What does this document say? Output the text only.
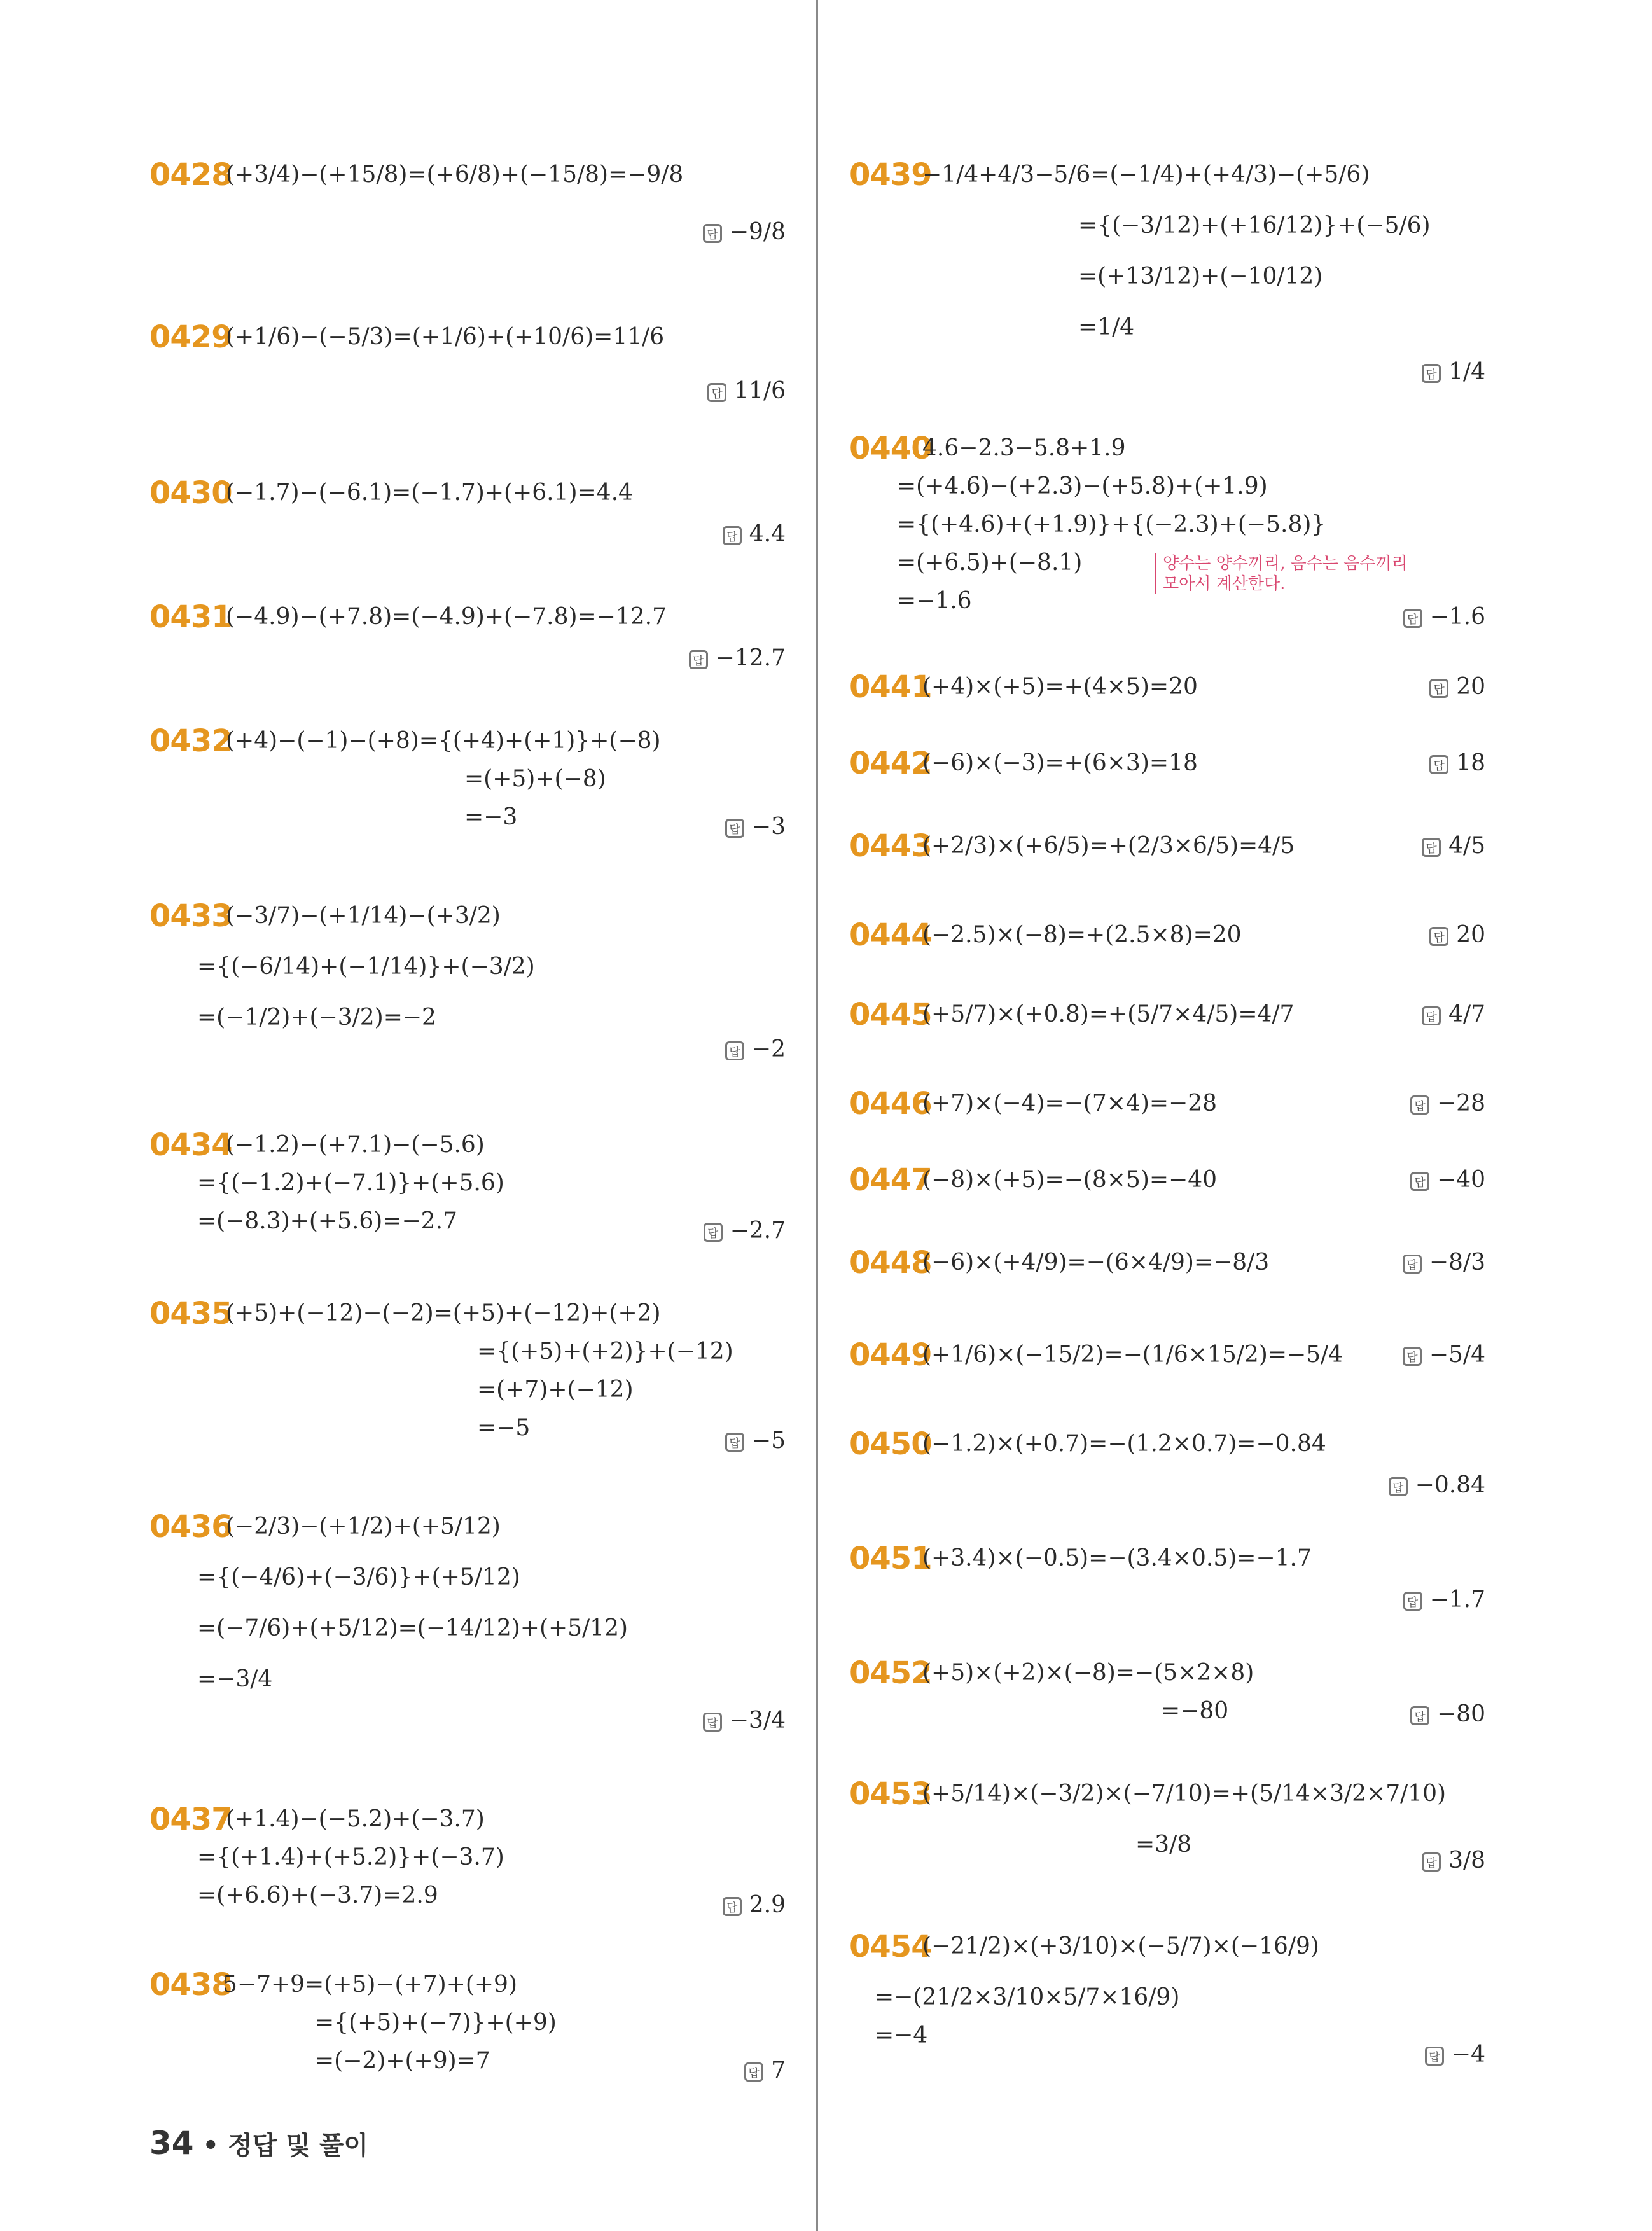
0428
(+3/4)−(+15/8)=(+6/8)+(−15/8)=−9/8
답 −9/8
0429
(+1/6)−(−5/3)=(+1/6)+(+10/6)=11/6
답 11/6
0430
(−1.7)−(−6.1)=(−1.7)+(+6.1)=4.4
답 4.4
0431
(−4.9)−(+7.8)=(−4.9)+(−7.8)=−12.7
답 −12.7
0432
(+4)−(−1)−(+8)={(+4)+(+1)}+(−8)
=(+5)+(−8)
=−3	답 −3
0433
(−3/7)−(+1/14)−(+3/2)
={(−6/14)+(−1/14)}+(−3/2)
=(−1/2)+(−3/2)=−2
답 −2
0434
(−1.2)−(+7.1)−(−5.6)
={(−1.2)+(−7.1)}+(+5.6)
=(−8.3)+(+5.6)=−2.7	답 −2.7
0435
(+5)+(−12)−(−2)=(+5)+(−12)+(+2)
={(+5)+(+2)}+(−12)
=(+7)+(−12)
=−5
답 −5
0436
(−2/3)−(+1/2)+(+5/12)
={(−4/6)+(−3/6)}+(+5/12)
=(−7/6)+(+5/12)=(−14/12)+(+5/12)
=−3/4
답 −3/4
0437
(+1.4)−(−5.2)+(−3.7)
={(+1.4)+(+5.2)}+(−3.7)
=(+6.6)+(−3.7)=2.9	답 2.9
0438
5−7+9=(+5)−(+7)+(+9)
={(+5)+(−7)}+(+9)
=(−2)+(+9)=7	답 7
0439
−1/4+4/3−5/6=(−1/4)+(+4/3)−(+5/6)
={(−3/12)+(+16/12)}+(−5/6)
=(+13/12)+(−10/12)
=1/4
답 1/4
0440
4.6−2.3−5.8+1.9
=(+4.6)−(+2.3)−(+5.8)+(+1.9)
={(+4.6)+(+1.9)}+{(−2.3)+(−5.8)}
=(+6.5)+(−8.1)
=−1.6
양수는 양수끼리, 음수는 음수끼리
모아서 계산한다.
답 −1.6
0441
(+4)×(+5)=+(4×5)=20	답 20
0442
(−6)×(−3)=+(6×3)=18	답 18
0443
(+2/3)×(+6/5)=+(2/3×6/5)=4/5	답 4/5
0444
(−2.5)×(−8)=+(2.5×8)=20	답 20
0445
(+5/7)×(+0.8)=+(5/7×4/5)=4/7	답 4/7
0446
(+7)×(−4)=−(7×4)=−28	답 −28
0447
(−8)×(+5)=−(8×5)=−40	답 −40
0448
(−6)×(+4/9)=−(6×4/9)=−8/3	답 −8/3
0449
(+1/6)×(−15/2)=−(1/6×15/2)=−5/4	답 −5/4
0450
(−1.2)×(+0.7)=−(1.2×0.7)=−0.84
답 −0.84
0451
(+3.4)×(−0.5)=−(3.4×0.5)=−1.7
답 −1.7
0452
(+5)×(+2)×(−8)=−(5×2×8)
=−80	답 −80
0453
(+5/14)×(−3/2)×(−7/10)=+(5/14×3/2×7/10)
=3/8
답 3/8
0454
(−21/2)×(+3/10)×(−5/7)×(−16/9)
=−(21/2×3/10×5/7×16/9)
=−4
답 −4
34 • 정답 및 풀이
